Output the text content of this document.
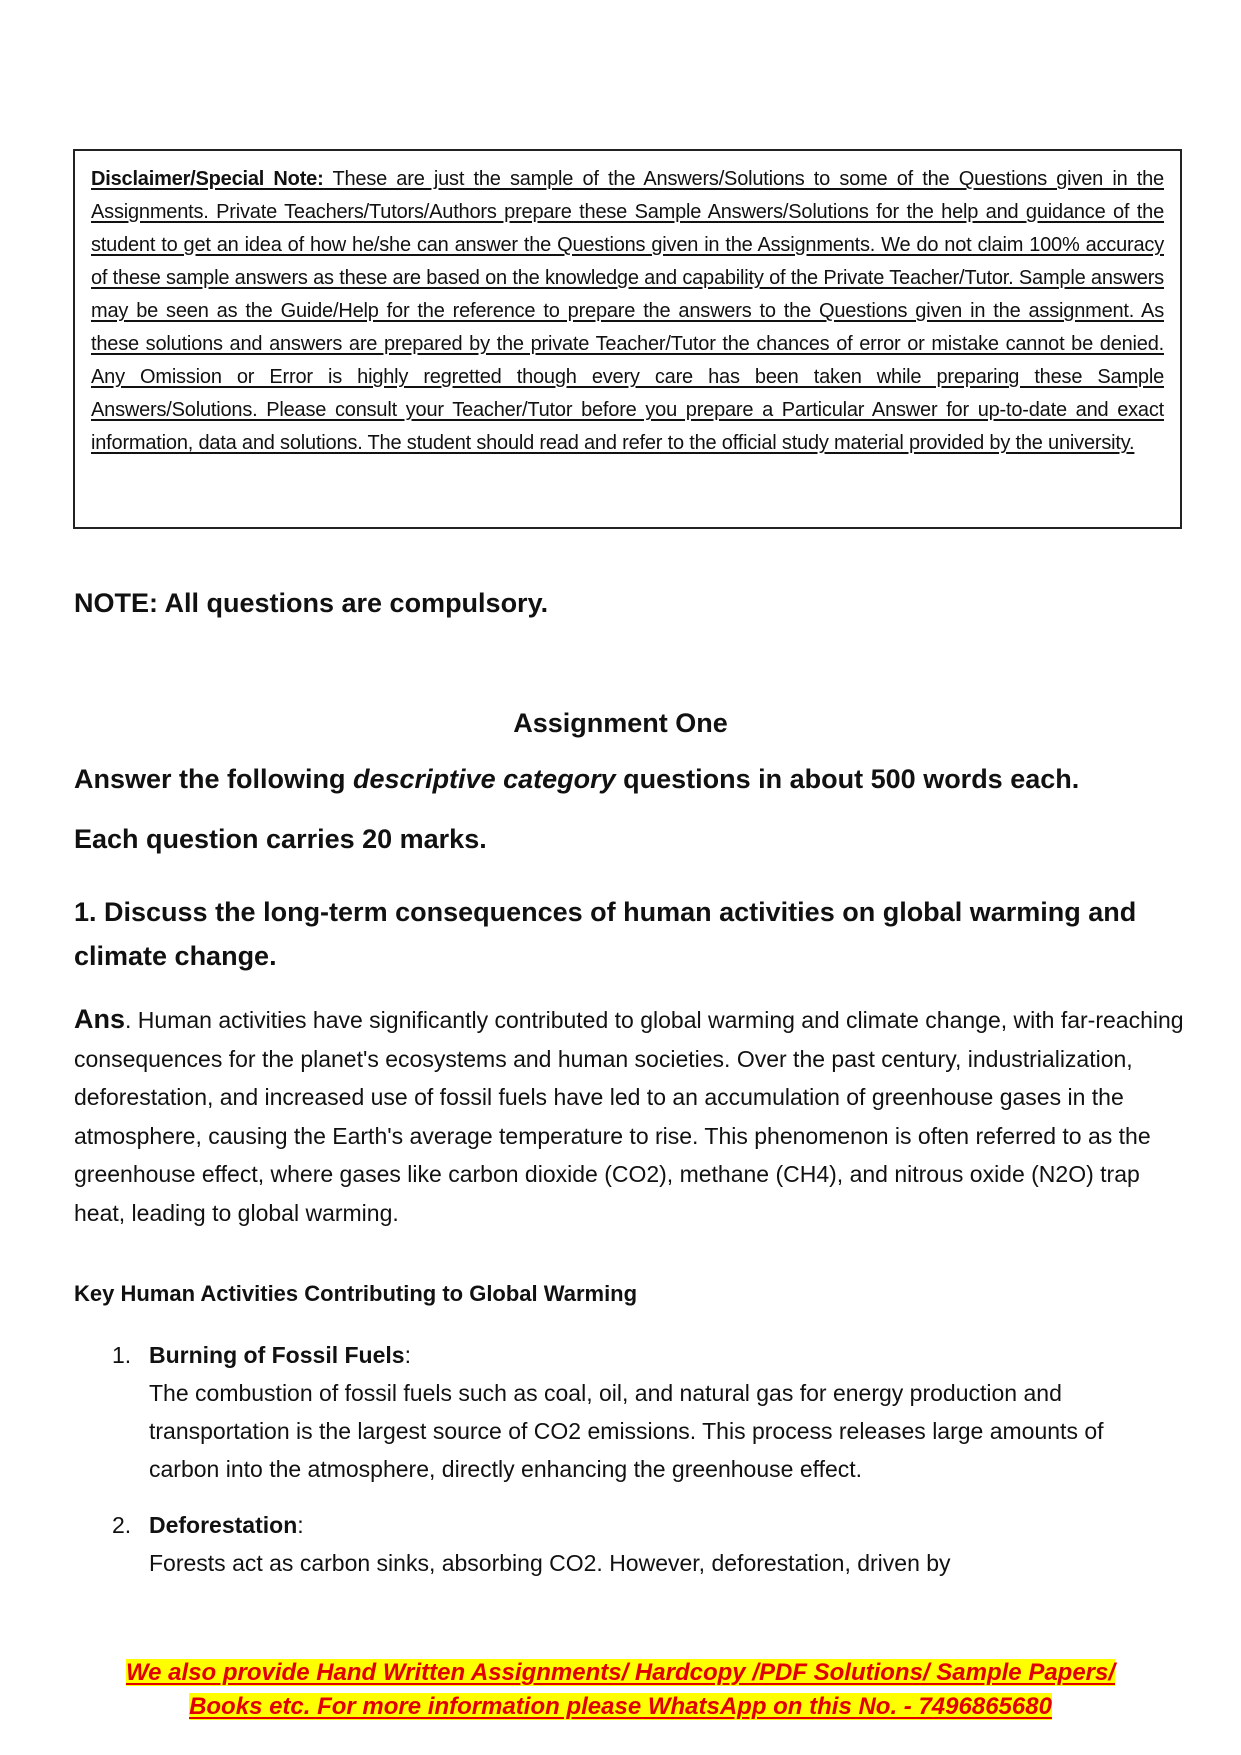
Disclaimer/Special Note: These are just the sample of the Answers/Solutions to some of the Questions given in the Assignments. Private Teachers/Tutors/Authors prepare these Sample Answers/Solutions for the help and guidance of the student to get an idea of how he/she can answer the Questions given in the Assignments. We do not claim 100% accuracy of these sample answers as these are based on the knowledge and capability of the Private Teacher/Tutor. Sample answers may be seen as the Guide/Help for the reference to prepare the answers to the Questions given in the assignment. As these solutions and answers are prepared by the private Teacher/Tutor the chances of error or mistake cannot be denied. Any Omission or Error is highly regretted though every care has been taken while preparing these Sample Answers/Solutions. Please consult your Teacher/Tutor before you prepare a Particular Answer for up-to-date and exact information, data and solutions. The student should read and refer to the official study material provided by the university.

NOTE: All questions are compulsory.

Assignment One

Answer the following descriptive category questions in about 500 words each.

Each question carries 20 marks.

1. Discuss the long-term consequences of human activities on global warming and climate change.

Ans. Human activities have significantly contributed to global warming and climate change, with far-reaching consequences for the planet's ecosystems and human societies. Over the past century, industrialization, deforestation, and increased use of fossil fuels have led to an accumulation of greenhouse gases in the atmosphere, causing the Earth's average temperature to rise. This phenomenon is often referred to as the greenhouse effect, where gases like carbon dioxide (CO2), methane (CH4), and nitrous oxide (N2O) trap heat, leading to global warming.

Key Human Activities Contributing to Global Warming

1. Burning of Fossil Fuels:

The combustion of fossil fuels such as coal, oil, and natural gas for energy production and transportation is the largest source of CO2 emissions. This process releases large amounts of carbon into the atmosphere, directly enhancing the greenhouse effect.

2. Deforestation:

Forests act as carbon sinks, absorbing CO2. However, deforestation, driven by

We also provide Hand Written Assignments/ Hardcopy /PDF Solutions/ Sample Papers/
Books etc. For more information please WhatsApp on this No. - 7496865680
